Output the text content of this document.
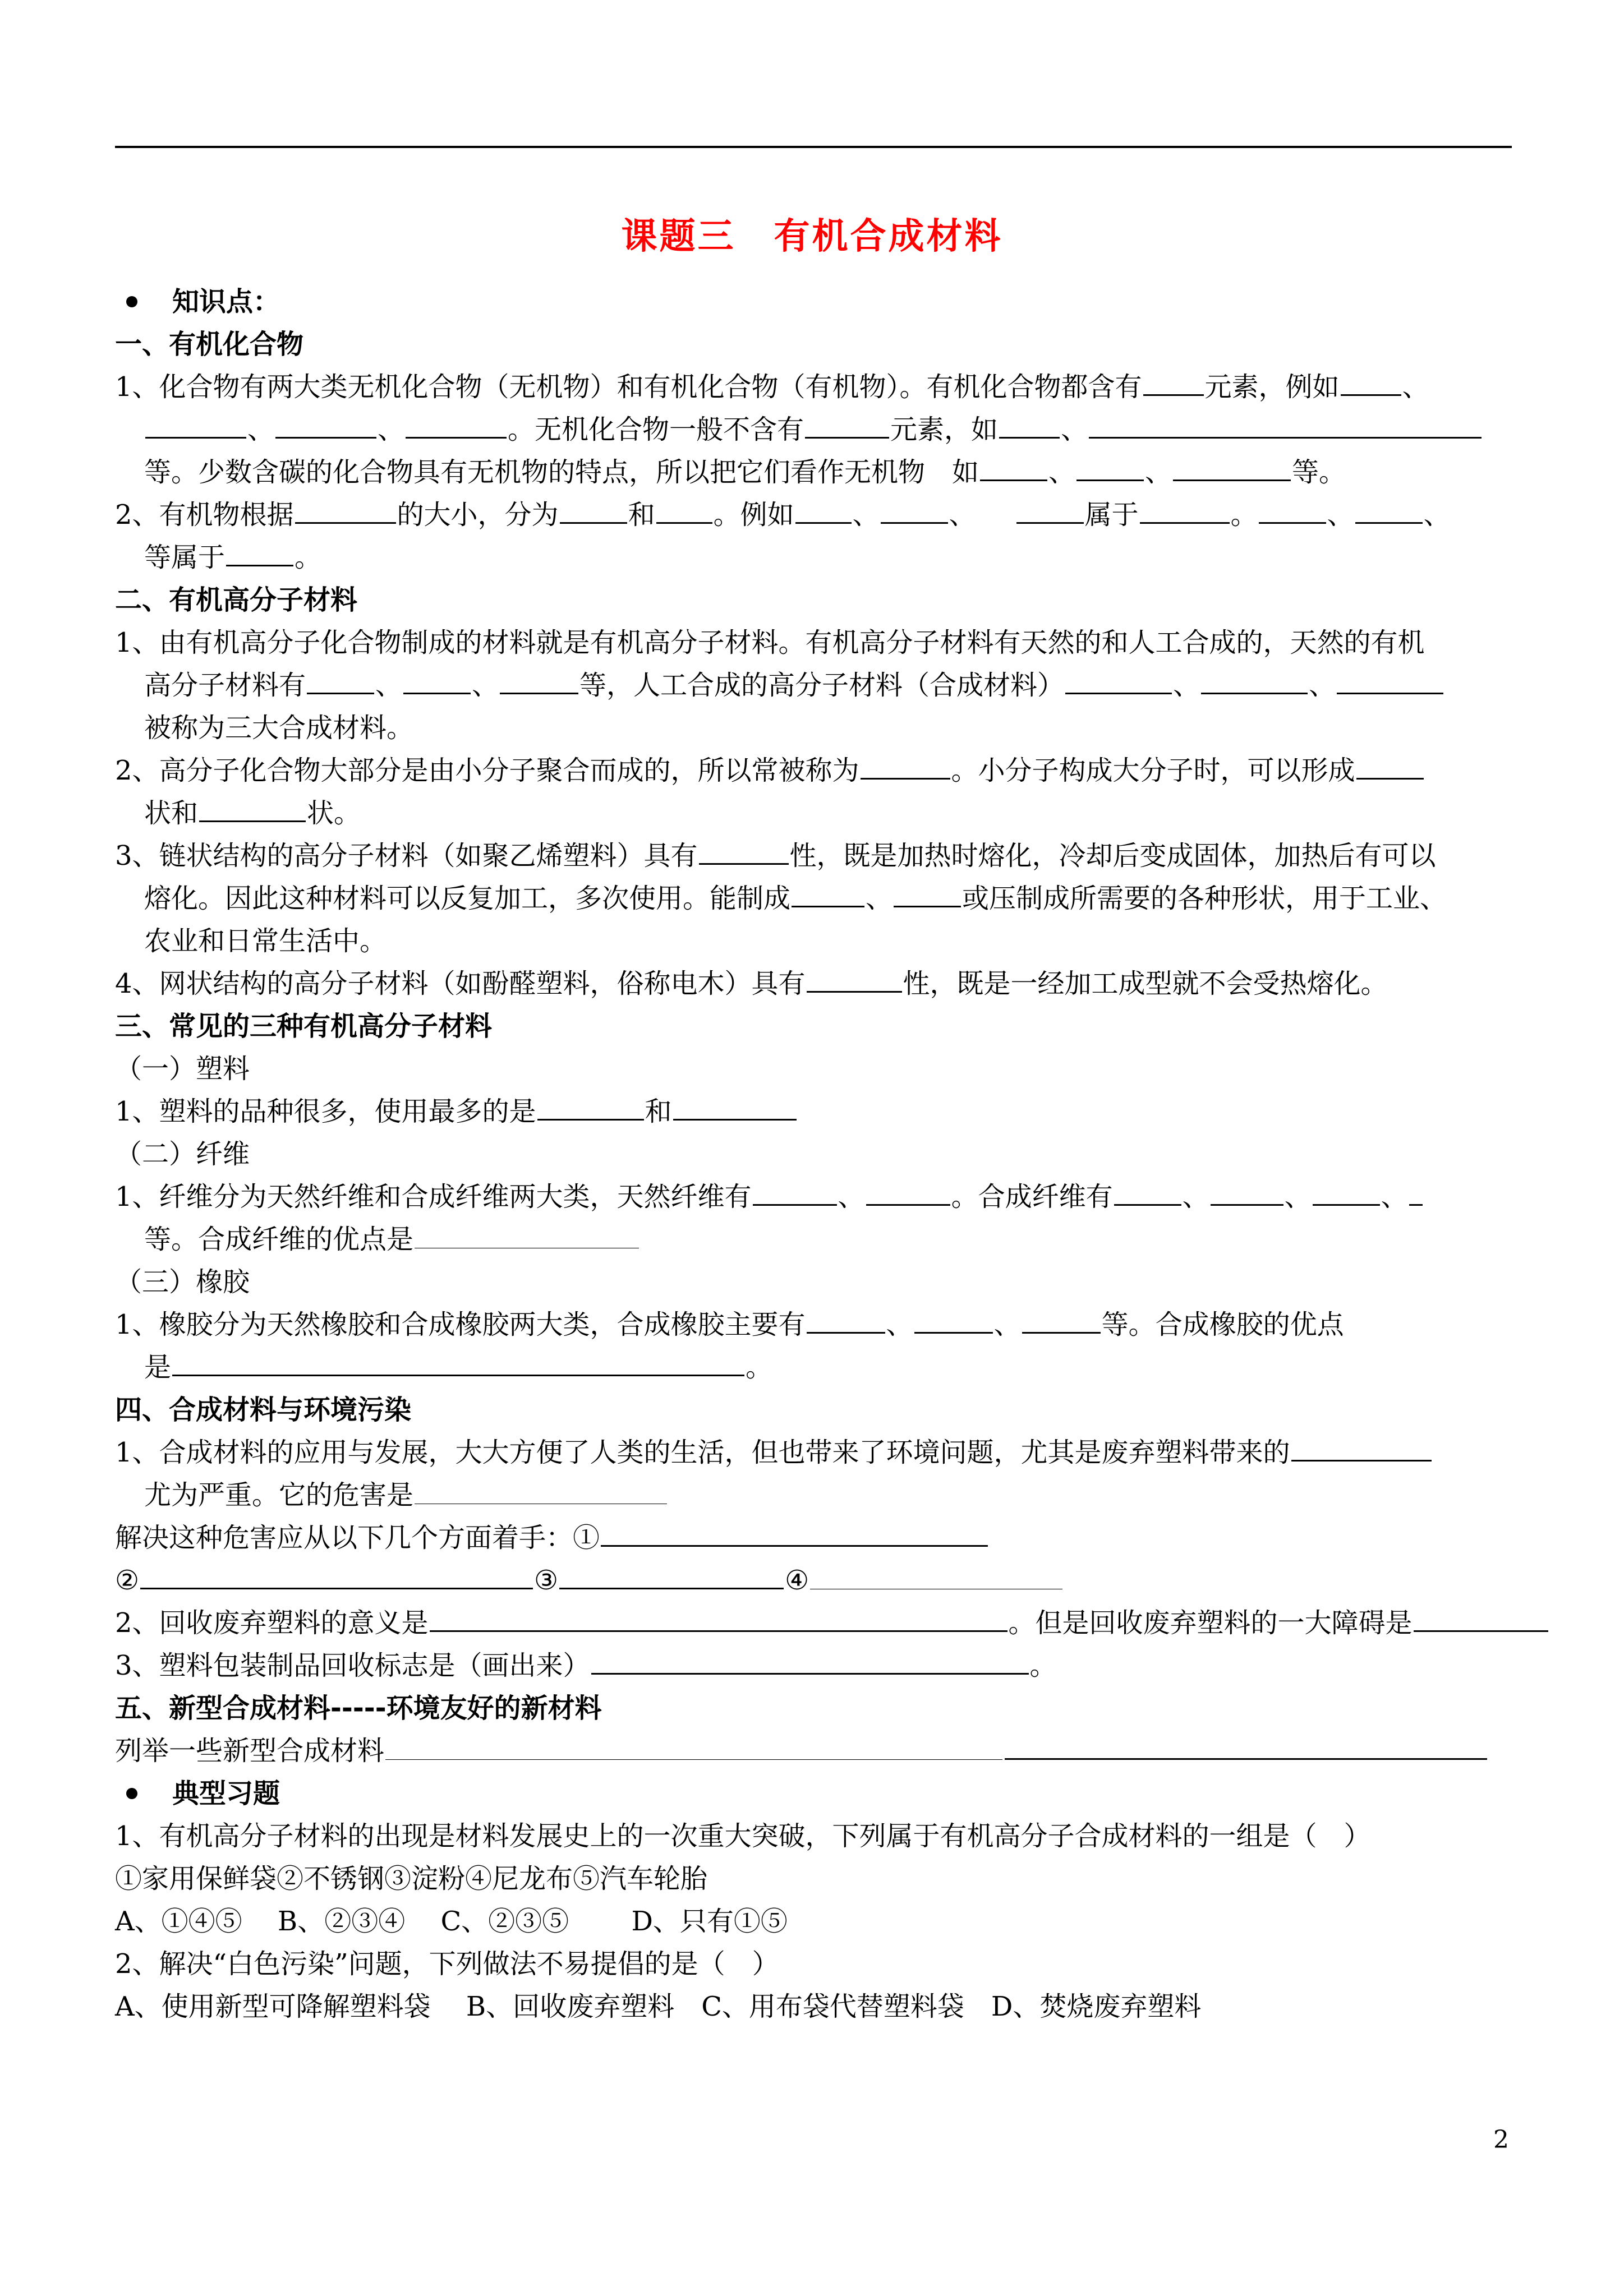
课题三　有机合成材料
知识点：
一、有机化合物
1、化合物有两大类无机化合物（无机物）和有机化合物（有机物）。有机化合物都含有 元素，例如 、
、	、	。无机化合物一般不含有	元素，如 、
等。少数含碳的化合物具有无机物的特点，所以把它们看作无机物　如	、	、	等。
2、有机物根据	的大小，分为	和 。例如 、	、	属于	。	、	、
等属于	。
二、有机高分子材料
1、由有机高分子化合物制成的材料就是有机高分子材料。有机高分子材料有天然的和人工合成的，天然的有机
高分子材料有	、	、	等，人工合成的高分子材料（合成材料）	、	、
被称为三大合成材料。
2、高分子化合物大部分是由小分子聚合而成的，所以常被称为	。小分子构成大分子时，可以形成
状和	状。
3、链状结构的高分子材料（如聚乙烯塑料）具有	性，既是加热时熔化，冷却后变成固体，加热后有可以
熔化。因此这种材料可以反复加工，多次使用。能制成	、	或压制成所需要的各种形状，用于工业、
农业和日常生活中。
4、网状结构的高分子材料（如酚醛塑料，俗称电木）具有	性，既是一经加工成型就不会受热熔化。
三、常见的三种有机高分子材料
（一）塑料
1、塑料的品种很多，使用最多的是	和
（二）纤维
1、纤维分为天然纤维和合成纤维两大类，天然纤维有	、	。合成纤维有	、	、	、
等。合成纤维的优点是
（三）橡胶
1、橡胶分为天然橡胶和合成橡胶两大类，合成橡胶主要有	、	、	等。合成橡胶的优点
是	。
四、合成材料与环境污染
1、合成材料的应用与发展，大大方便了人类的生活，但也带来了环境问题，尤其是废弃塑料带来的
尤为严重。它的危害是
解决这种危害应从以下几个方面着手：①
②	③	④
2、回收废弃塑料的意义是	。但是回收废弃塑料的一大障碍是
3、塑料包装制品回收标志是（画出来）	。
五、新型合成材料-----环境友好的新材料
列举一些新型合成材料
典型习题
1、有机高分子材料的出现是材料发展史上的一次重大突破，下列属于有机高分子合成材料的一组是（　）
①家用保鲜袋②不锈钢③淀粉④尼龙布⑤汽车轮胎
A、①④⑤　 B、②③④　 C、②③⑤　　 D、只有①⑤
2、解决“白色污染”问题，下列做法不易提倡的是（　）
A、使用新型可降解塑料袋　 B、回收废弃塑料　C、用布袋代替塑料袋　D、焚烧废弃塑料
2
